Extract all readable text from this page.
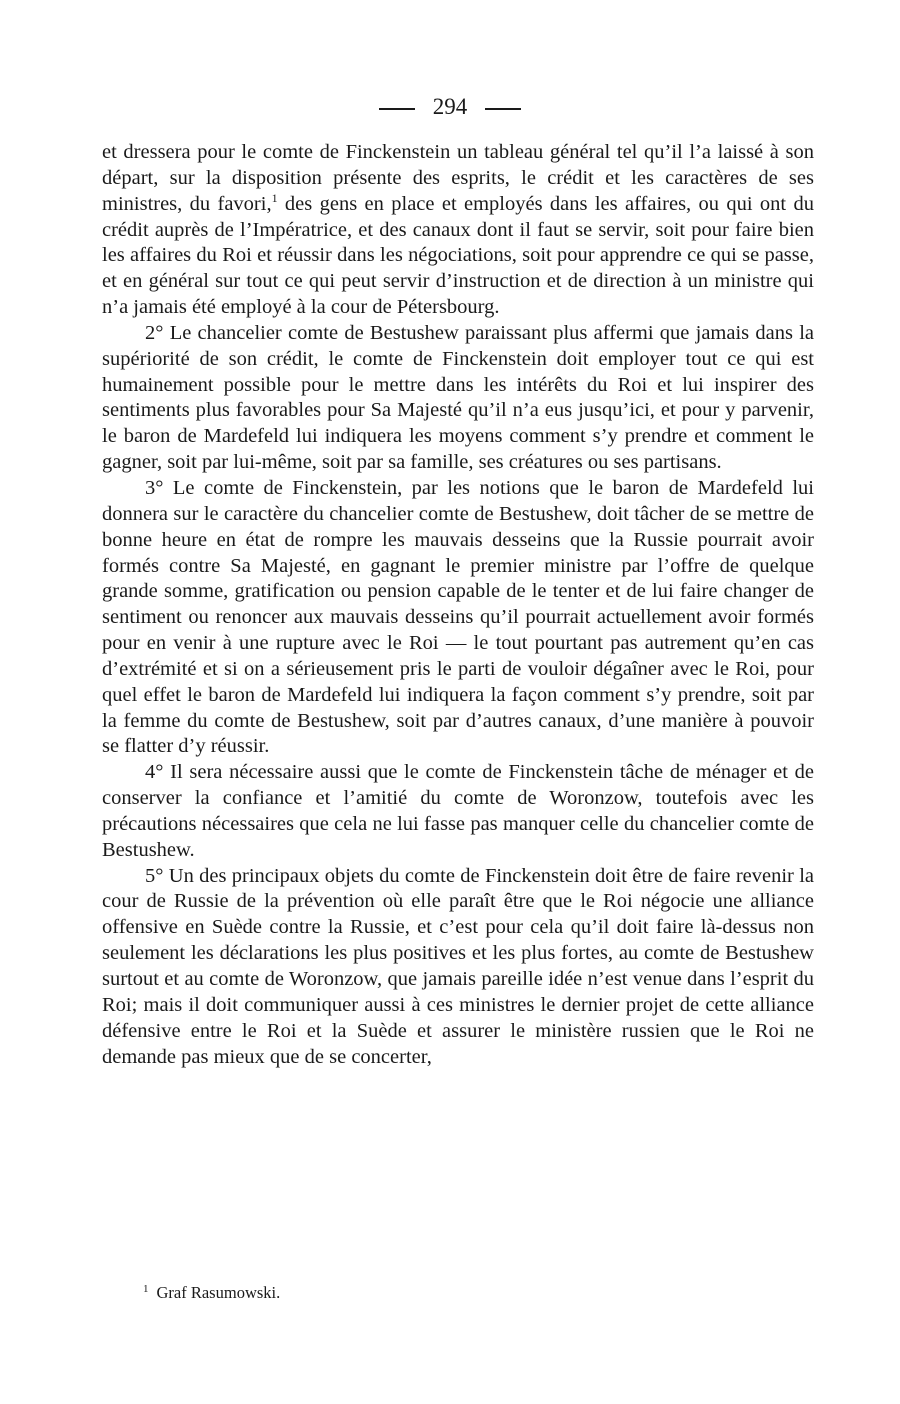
294

et dressera pour le comte de Finckenstein un tableau général tel qu’il l’a laissé à son départ, sur la disposition présente des esprits, le crédit et les caractères de ses ministres, du favori,$^1$ des gens en place et employés dans les affaires, ou qui ont du crédit auprès de l’Impératrice, et des canaux dont il faut se servir, soit pour faire bien les affaires du Roi et réussir dans les négociations, soit pour apprendre ce qui se passe, et en général sur tout ce qui peut servir d’instruction et de direction à un ministre qui n’a jamais été employé à la cour de Pétersbourg.

2° Le chancelier comte de Bestushew paraissant plus affermi que jamais dans la supériorité de son crédit, le comte de Finckenstein doit employer tout ce qui est humainement possible pour le mettre dans les intérêts du Roi et lui inspirer des sentiments plus favorables pour Sa Majesté qu’il n’a eus jusqu’ici, et pour y parvenir, le baron de Mardefeld lui indiquera les moyens comment s’y prendre et comment le gagner, soit par lui-même, soit par sa famille, ses créatures ou ses partisans.

3° Le comte de Finckenstein, par les notions que le baron de Mardefeld lui donnera sur le caractère du chancelier comte de Bestushew, doit tâcher de se mettre de bonne heure en état de rompre les mauvais desseins que la Russie pourrait avoir formés contre Sa Majesté, en gagnant le premier ministre par l’offre de quelque grande somme, gratification ou pension capable de le tenter et de lui faire changer de sentiment ou renoncer aux mauvais desseins qu’il pourrait actuellement avoir formés pour en venir à une rupture avec le Roi — le tout pourtant pas autrement qu’en cas d’extrémité et si on a sérieusement pris le parti de vouloir dégaîner avec le Roi, pour quel effet le baron de Mardefeld lui indiquera la façon comment s’y prendre, soit par la femme du comte de Bestushew, soit par d’autres canaux, d’une manière à pouvoir se flatter d’y réussir.

4° Il sera nécessaire aussi que le comte de Finckenstein tâche de ménager et de conserver la confiance et l’amitié du comte de Woronzow, toutefois avec les précautions nécessaires que cela ne lui fasse pas manquer celle du chancelier comte de Bestushew.

5° Un des principaux objets du comte de Finckenstein doit être de faire revenir la cour de Russie de la prévention où elle paraît être que le Roi négocie une alliance offensive en Suède contre la Russie, et c’est pour cela qu’il doit faire là-dessus non seulement les déclarations les plus positives et les plus fortes, au comte de Bestushew surtout et au comte de Woronzow, que jamais pareille idée n’est venue dans l’esprit du Roi; mais il doit communiquer aussi à ces ministres le dernier projet de cette alliance défensive entre le Roi et la Suède et assurer le ministère russien que le Roi ne demande pas mieux que de se concerter,

$^1$ Graf Rasumowski.
